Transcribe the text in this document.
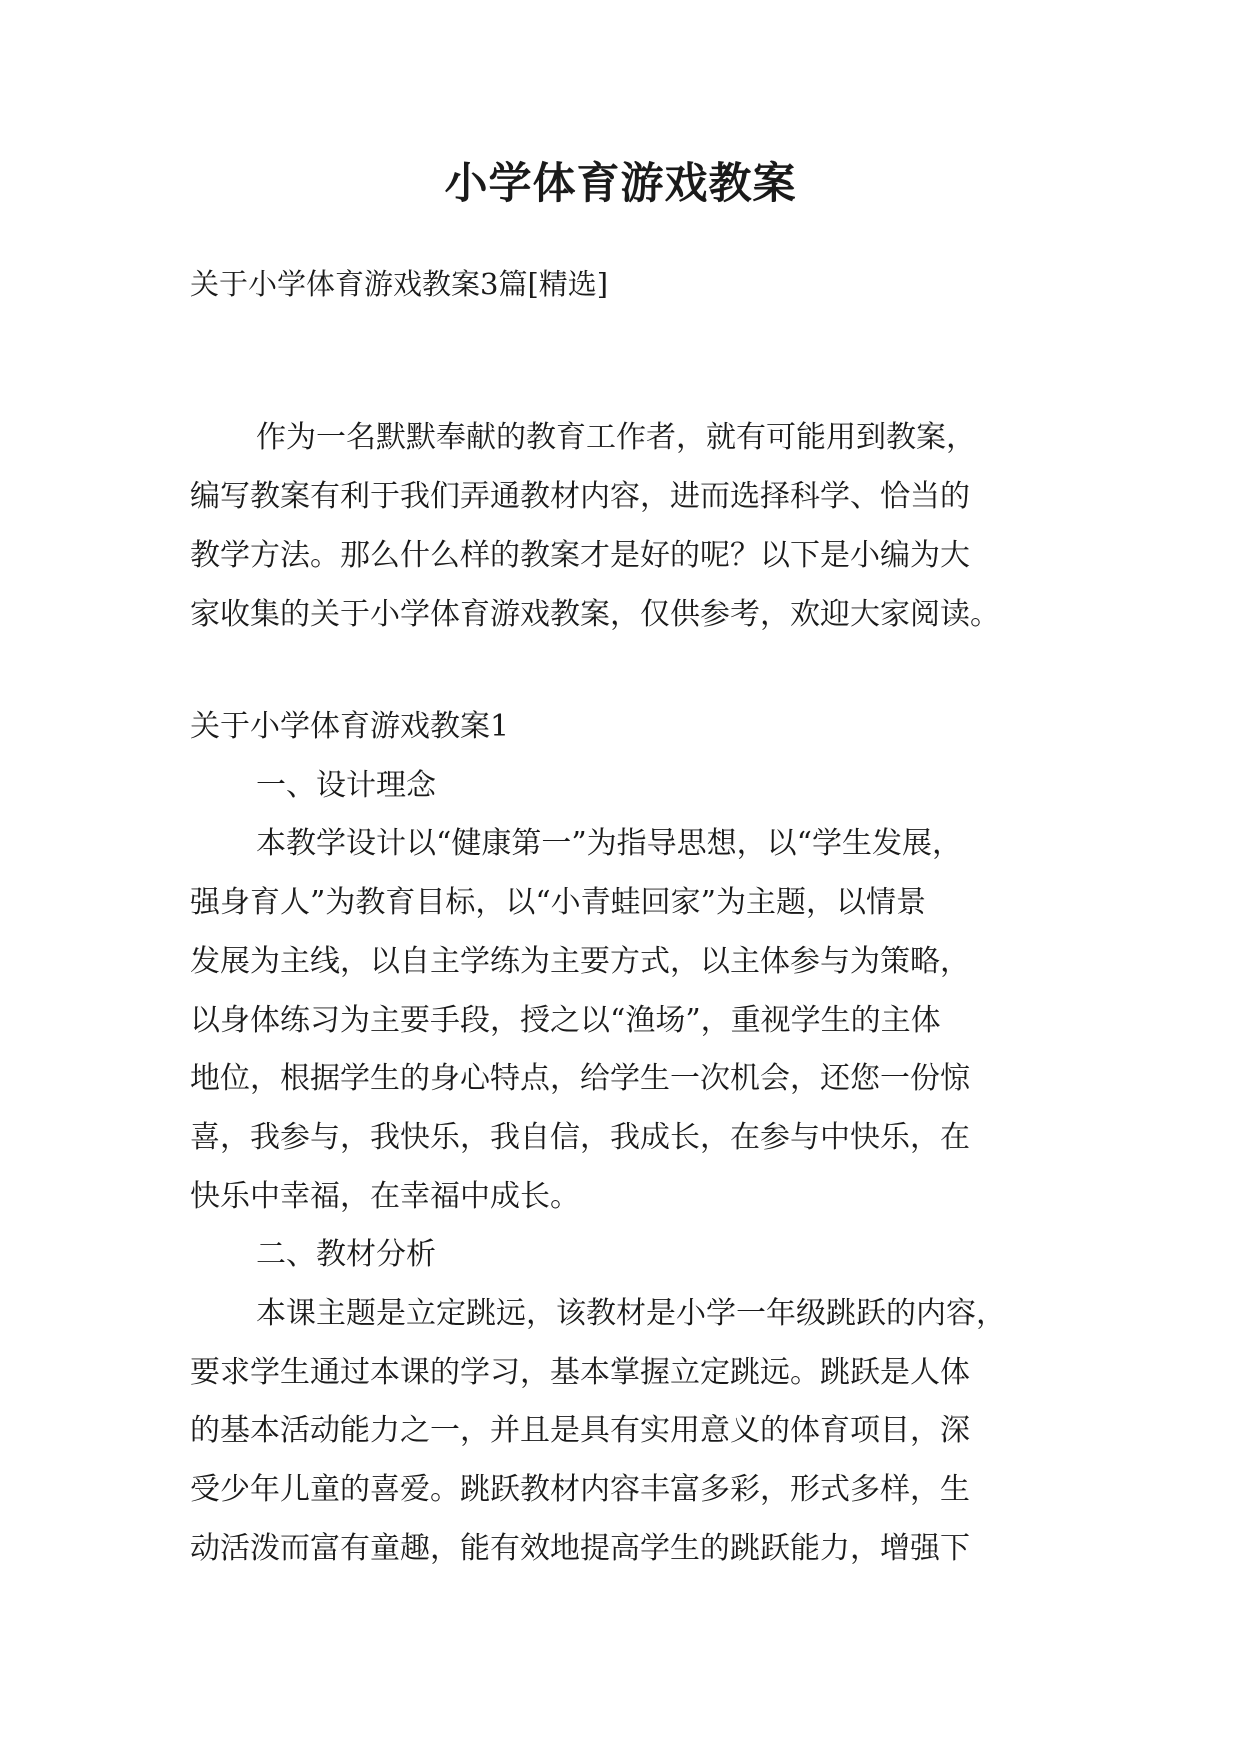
小学体育游戏教案

关于小学体育游戏教案3篇[精选]

作为一名默默奉献的教育工作者，就有可能用到教案，
编写教案有利于我们弄通教材内容，进而选择科学、恰当的
教学方法。那么什么样的教案才是好的呢？以下是小编为大
家收集的关于小学体育游戏教案，仅供参考，欢迎大家阅读。
关于小学体育游戏教案1
一、设计理念
本教学设计以“健康第一”为指导思想，以“学生发展，
强身育人”为教育目标，以“小青蛙回家”为主题，以情景
发展为主线，以自主学练为主要方式，以主体参与为策略，
以身体练习为主要手段，授之以“渔场”，重视学生的主体
地位，根据学生的身心特点，给学生一次机会，还您一份惊
喜，我参与，我快乐，我自信，我成长，在参与中快乐，在
快乐中幸福，在幸福中成长。
二、教材分析
本课主题是立定跳远，该教材是小学一年级跳跃的内容，
要求学生通过本课的学习，基本掌握立定跳远。跳跃是人体
的基本活动能力之一，并且是具有实用意义的体育项目，深
受少年儿童的喜爱。跳跃教材内容丰富多彩，形式多样，生
动活泼而富有童趣，能有效地提高学生的跳跃能力，增强下
